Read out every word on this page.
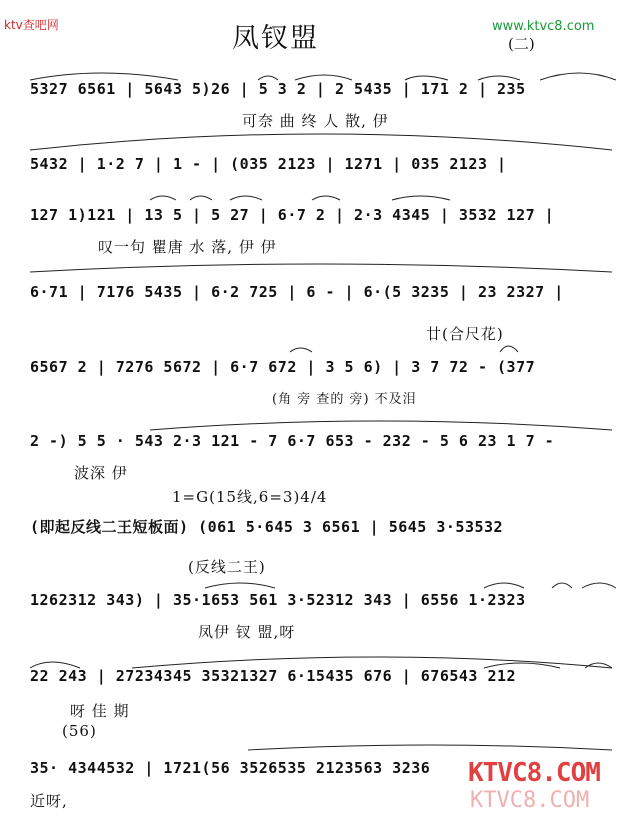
ktv查吧网	www.ktvc8.com
凤钗盟	(二)
5327 6561 | 5643 5)26 | 5 3 2 | 2 5435 | 171 2 | 235
可奈 曲 终 人 散, 伊
5432 | 1·2 7 | 1 - | (035 2123 | 1271 | 035 2123 |
127 1)121 | 13 5 | 5 27 | 6·7 2 | 2·3 4345 | 3532 127 |
叹一句 瞿唐 水 落, 伊 伊
6·71 | 7176 5435 | 6·2 725 | 6 - | 6·(5 3235 | 23 2327 |
廿(合尺花)
6567 2 | 7276 5672 | 6·7 672 | 3 5 6) | 3 7 72 - (377
(角 旁 查的 旁) 不及泪
2 -) 5 5 · 543 2·3 121 - 7 6·7 653 - 232 - 5 6 23 1 7 -
波深 伊
1=G(15线,6=3)4/4
(即起反线二王短板面) (061 5·645 3 6561 | 5645 3·53532
(反线二王)
1262312 343) | 35·1653 561 3·52312 343 | 6556 1·2323
凤伊 钗 盟,呀
22 243 | 27234345 35321327 6·15435 676 | 676543 212
呀 佳 期
(56)
35· 4344532 | 1721(56 3526535 2123563 3236
近呀,
KTVC8.COM
KTVC8.COM
